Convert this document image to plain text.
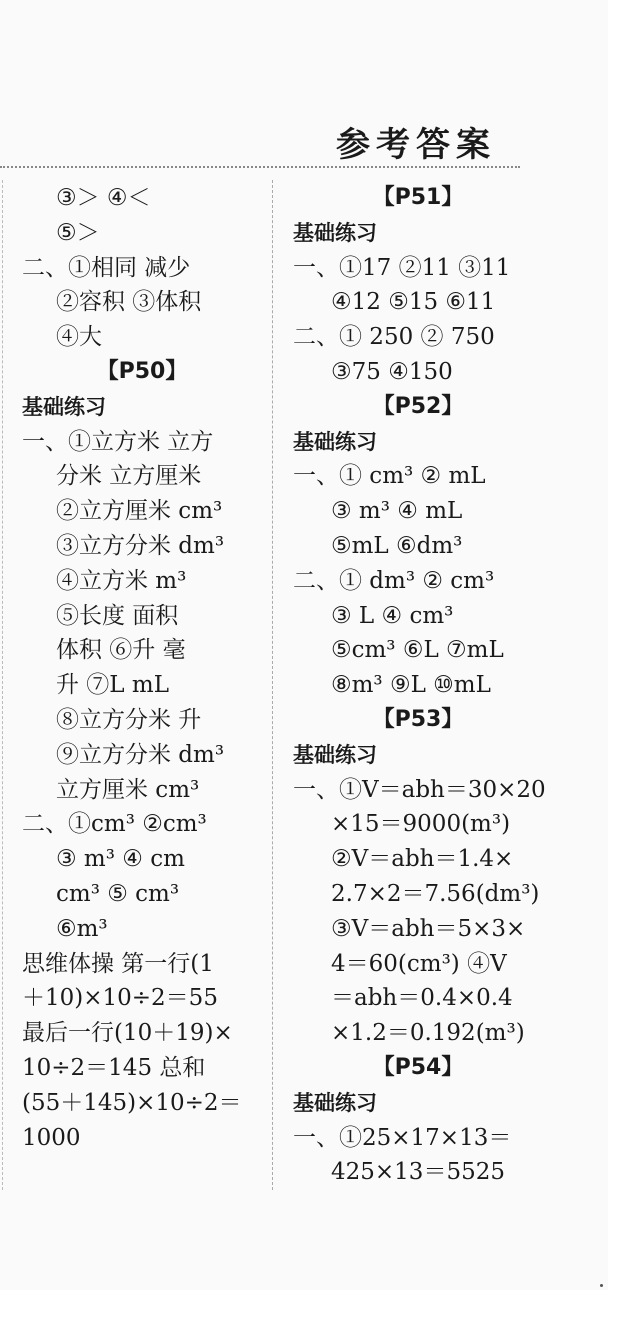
参考答案
③＞ ④＜
⑤＞
二、①相同 减少
②容积 ③体积
④大
【P50】
基础练习
一、①立方米 立方
分米 立方厘米
②立方厘米 cm³
③立方分米 dm³
④立方米 m³
⑤长度 面积
体积 ⑥升 毫
升 ⑦L mL
⑧立方分米 升
⑨立方分米 dm³
立方厘米 cm³
二、①cm³ ②cm³
③ m³ ④ cm
cm³ ⑤ cm³
⑥m³
思维体操 第一行(1
＋10)×10÷2＝55
最后一行(10＋19)×
10÷2＝145 总和
(55＋145)×10÷2＝
1000
【P51】
基础练习
一、①17 ②11 ③11
④12 ⑤15 ⑥11
二、① 250 ② 750
③75 ④150
【P52】
基础练习
一、① cm³ ② mL
③ m³ ④ mL
⑤mL ⑥dm³
二、① dm³ ② cm³
③ L ④ cm³
⑤cm³ ⑥L ⑦mL
⑧m³ ⑨L ⑩mL
【P53】
基础练习
一、①V＝abh＝30×20
×15＝9000(m³)
②V＝abh＝1.4×
2.7×2＝7.56(dm³)
③V＝abh＝5×3×
4＝60(cm³) ④V
＝abh＝0.4×0.4
×1.2＝0.192(m³)
【P54】
基础练习
一、①25×17×13＝
425×13＝5525
